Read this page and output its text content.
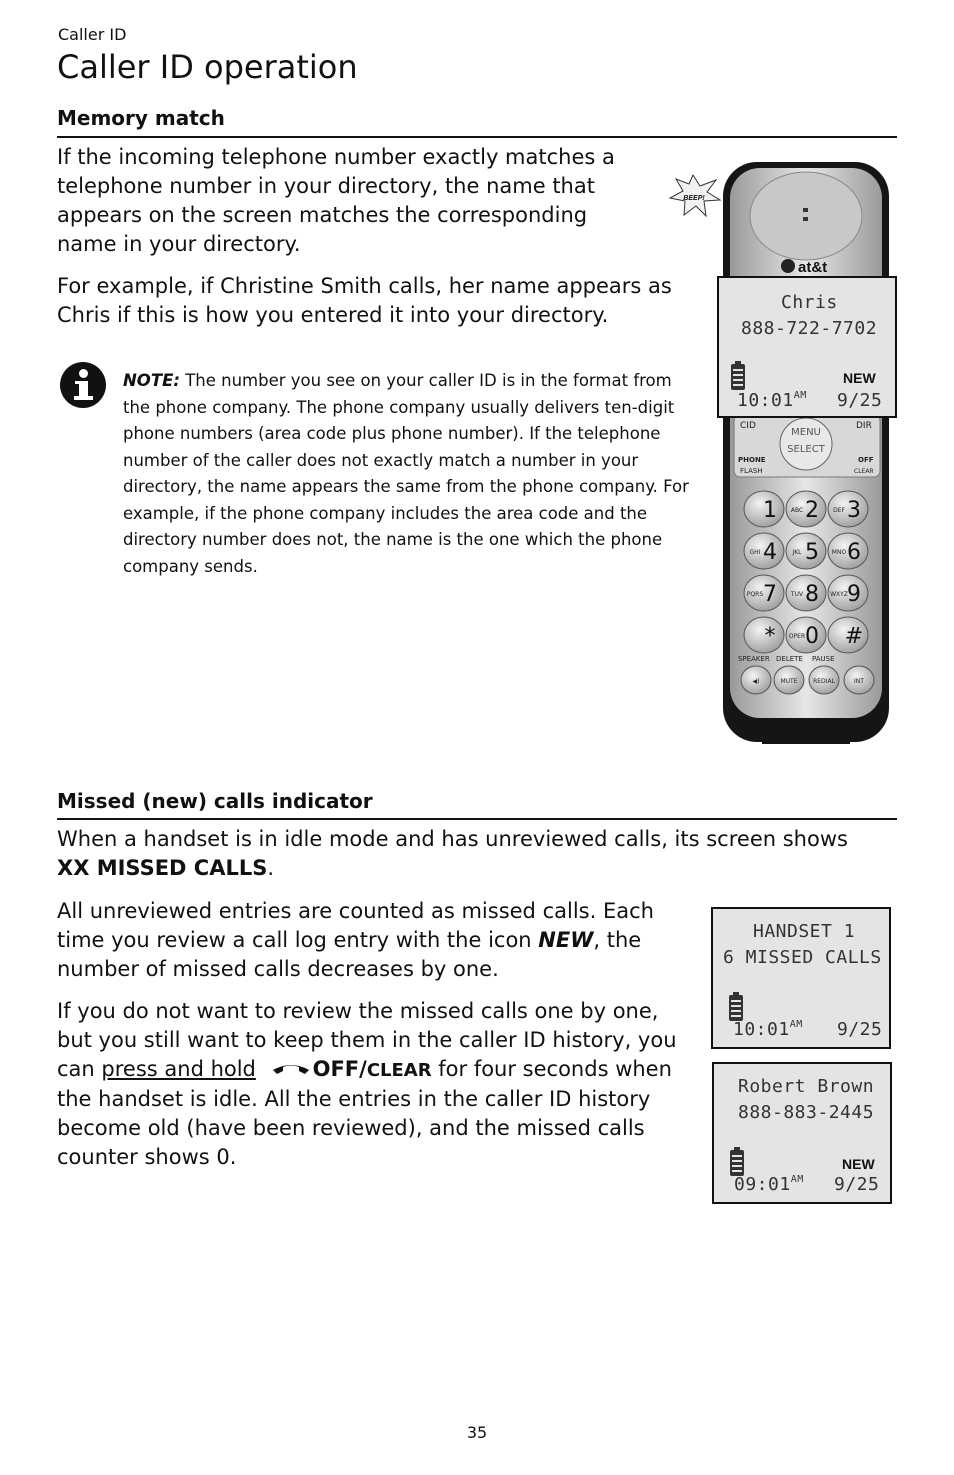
Caller ID
Caller ID operation
Memory match
If the incoming telephone number exactly matches a
telephone number in your directory, the name that
appears on the screen matches the corresponding
name in your directory.
For example, if Christine Smith calls, her name appears as
Chris if this is how you entered it into your directory.
NOTE: The number you see on your caller ID is in the format from the phone company. The phone company usually delivers ten-digit phone numbers (area code plus phone number). If the telephone number of the caller does not exactly match a number in your directory, the name appears the same from the phone company. For example, if the phone company includes the area code and the directory number does not, the name is the one which the phone company sends.
BEEP!
at&t
MENU
SELECT
CID	DIR
PHONE
FLASH
OFF
CLEAR
1 2
ABC 3
DEF
4
GHI 5
JKL 6
MNO
7
PQRS 8
TUV 9
WXYZ
* 0
OPER #
SPEAKER DELETE PAUSE
◀)	MUTE	REDIAL	INT
Chris
888-722-7702
NEW
$10:01^{AM}$ 9/25
Missed (new) calls indicator
When a handset is in idle mode and has unreviewed calls, its screen shows
XX MISSED CALLS.
All unreviewed entries are counted as missed calls. Each
time you review a call log entry with the icon NEW, the
number of missed calls decreases by one.
If you do not want to review the missed calls one by one,
but you still want to keep them in the caller ID history, you
can press and hold	OFF/CLEAR for four seconds when
the handset is idle. All the entries in the caller ID history
become old (have been reviewed), and the missed calls
counter shows 0.
HANDSET 1
6 MISSED CALLS
$10:01^{AM}$ 9/25
Robert Brown
888-883-2445
NEW
$09:01^{AM}$ 9/25
35
